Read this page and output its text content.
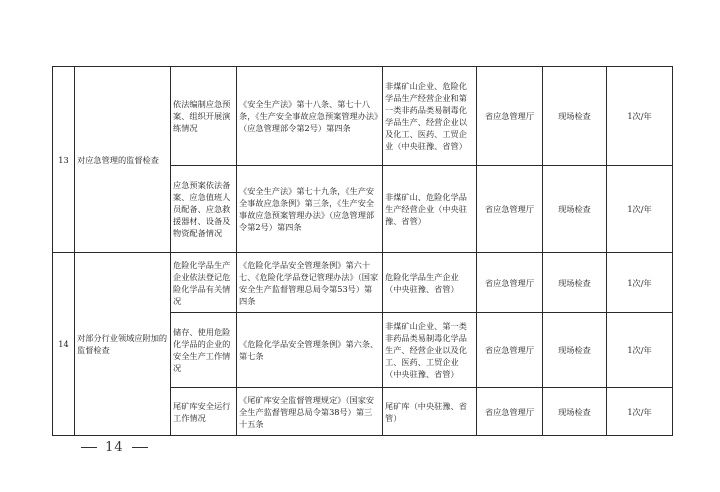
13	对应急管理的监督检查	依法编制应急预案、组织开展演练情况	《安全生产法》第十八条、第七十八条，《生产安全事故应急预案管理办法》（应急管理部令第2号）第四条	非煤矿山企业、危险化学品生产经营企业和第一类非药品类易制毒化学品生产、经营企业以及化工、医药、工贸企业（中央驻豫、省管）	省应急管理厅	现场检查	1次/年

		应急预案依法备案、应急值班人员配备、应急救援器材、设备及物资配备情况	《安全生产法》第七十九条，《生产安全事故应急条例》第三条，《生产安全事故应急预案管理办法》（应急管理部令第2号）第四条	非煤矿山、危险化学品生产经营企业（中央驻豫、省管）	省应急管理厅	现场检查	1次/年

14	对部分行业领域应附加的监督检查	危险化学品生产企业依法登记危险化学品有关情况	《危险化学品安全管理条例》第六十七、《危险化学品登记管理办法》（国家安全生产监督管理总局令第53号）第四条	危险化学品生产企业（中央驻豫、省管）	省应急管理厅	现场检查	1次/年

		储存、使用危险化学品的企业的安全生产工作情况	《危险化学品安全管理条例》第六条、第七条	非煤矿山企业、第一类非药品类易制毒化学品生产、经营企业以及化工、医药、工贸企业（中央驻豫、省管）	省应急管理厅	现场检查	1次/年

		尾矿库安全运行工作情况	《尾矿库安全监督管理规定》（国家安全生产监督管理总局令第38号）第三十五条	尾矿库（中央驻豫、省管）	省应急管理厅	现场检查	1次/年
14
